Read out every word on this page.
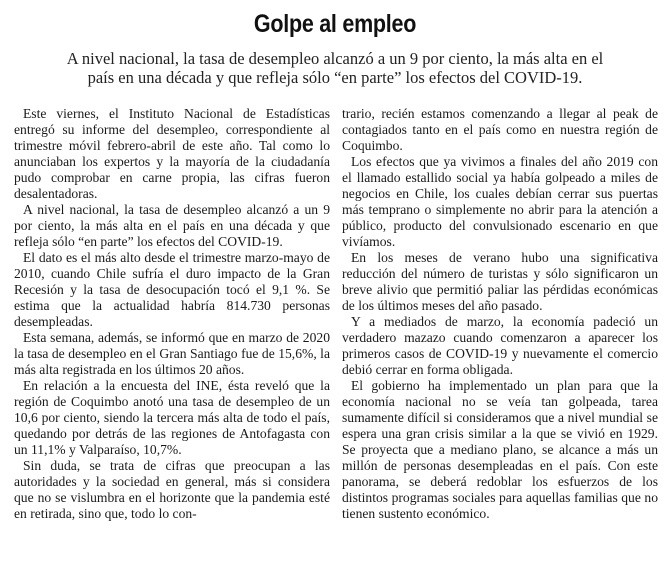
Golpe al empleo
A nivel nacional, la tasa de desempleo alcanzó a un 9 por ciento, la más alta en el país en una década y que refleja sólo “en parte” los efectos del COVID-19.

Este viernes, el Instituto Nacional de Estadísticas entregó su informe del desempleo, correspondiente al trimestre móvil febrero-abril de este año. Tal como lo anunciaban los expertos y la mayoría de la ciudadanía pudo comprobar en carne propia, las cifras fueron desalentadoras.

A nivel nacional, la tasa de desempleo alcanzó a un 9 por ciento, la más alta en el país en una década y que refleja sólo “en parte” los efectos del COVID-19.

El dato es el más alto desde el trimestre marzo-mayo de 2010, cuando Chile sufría el duro impacto de la Gran Recesión y la tasa de desocupación tocó el 9,1 %. Se estima que la actualidad habría 814.730 personas desempleadas.

Esta semana, además, se informó que en marzo de 2020 la tasa de desempleo en el Gran Santiago fue de 15,6%, la más alta registrada en los últimos 20 años.

En relación a la encuesta del INE, ésta reveló que la región de Coquimbo anotó una tasa de desempleo de un 10,6 por ciento, siendo la tercera más alta de todo el país, quedando por detrás de las regiones de Antofagasta con un 11,1% y Valparaíso, 10,7%.

Sin duda, se trata de cifras que preocupan a las autoridades y la sociedad en general, más si considera que no se vislumbra en el horizonte que la pandemia esté en retirada, sino que, todo lo con-

trario, recién estamos comenzando a llegar al peak de contagiados tanto en el país como en nuestra región de Coquimbo.

Los efectos que ya vivimos a finales del año 2019 con el llamado estallido social ya había golpeado a miles de negocios en Chile, los cuales debían cerrar sus puertas más temprano o simplemente no abrir para la atención a público, producto del convulsionado escenario en que vivíamos.

En los meses de verano hubo una significativa reducción del número de turistas y sólo significaron un breve alivio que permitió paliar las pérdidas económicas de los últimos meses del año pasado.

Y a mediados de marzo, la economía padeció un verdadero mazazo cuando comenzaron a aparecer los primeros casos de COVID-19 y nuevamente el comercio debió cerrar en forma obligada.

El gobierno ha implementado un plan para que la economía nacional no se veía tan golpeada, tarea sumamente difícil si consideramos que a nivel mundial se espera una gran crisis similar a la que se vivió en 1929. Se proyecta que a mediano plano, se alcance a más un millón de personas desempleadas en el país. Con este panorama, se deberá redoblar los esfuerzos de los distintos programas sociales para aquellas familias que no tienen sustento económico.
